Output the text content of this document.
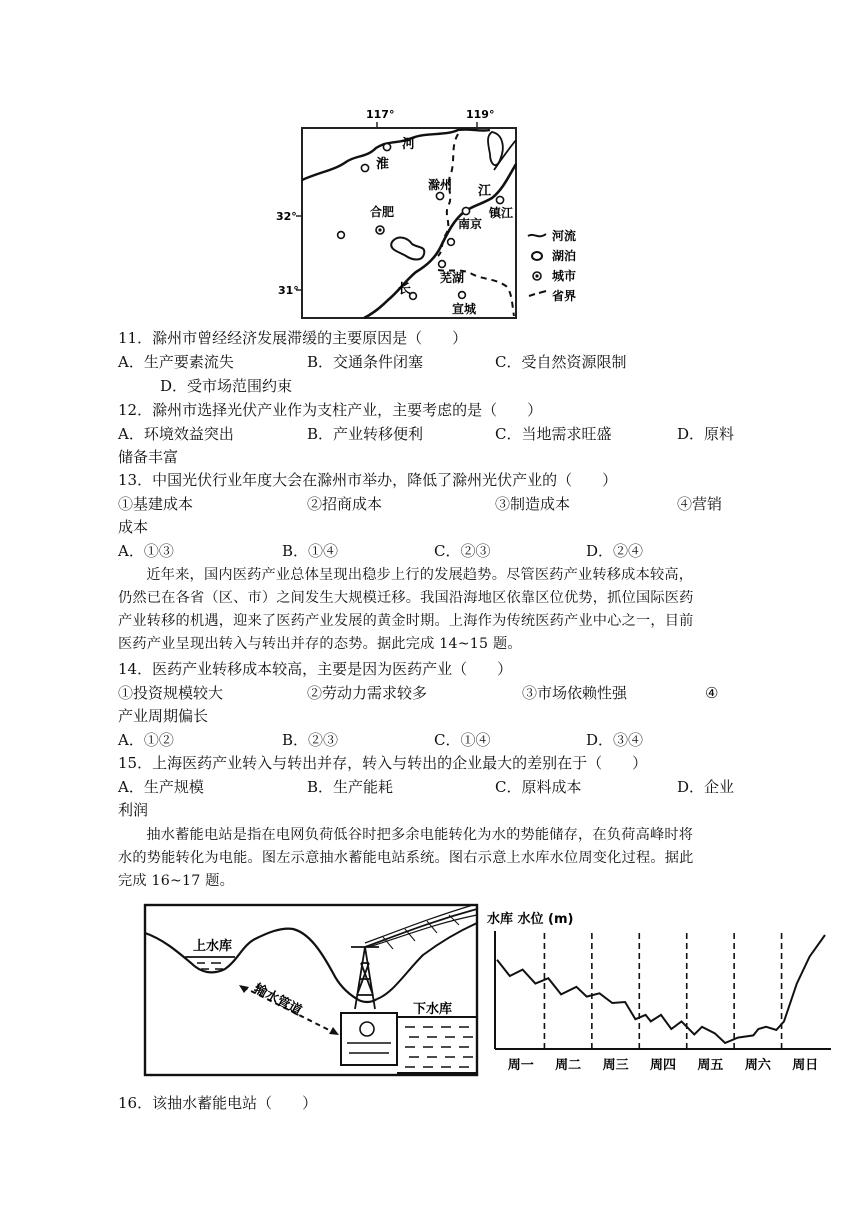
117°	119°
32°
31°
河
淮
滁州 江
镇江
合肥
南京
芜湖
长
宣城
河流
湖泊
城市
省界
11．滁州市曾经经济发展滞缓的主要原因是（　　）
A．生产要素流失	B．交通条件闭塞	C．受自然资源限制
D．受市场范围约束
12．滁州市选择光伏产业作为支柱产业，主要考虑的是（　　）
A．环境效益突出	B．产业转移便利	C．当地需求旺盛	D．原料
储备丰富
13．中国光伏行业年度大会在滁州市举办，降低了滁州光伏产业的（　　）
①基建成本	②招商成本	③制造成本	④营销
成本
A．①③	B．①④	C．②③	D．②④
近年来，国内医药产业总体呈现出稳步上行的发展趋势。尽管医药产业转移成本较高，
仍然已在各省（区、市）之间发生大规模迁移。我国沿海地区依靠区位优势，抓位国际医药
产业转移的机遇，迎来了医药产业发展的黄金时期。上海作为传统医药产业中心之一，目前
医药产业呈现出转入与转出并存的态势。据此完成 14~15 题。
14．医药产业转移成本较高，主要是因为医药产业（　　）
①投资规模较大	②劳动力需求较多	③市场依赖性强	④
产业周期偏长
A．①②	B．②③	C．①④	D．③④
15．上海医药产业转入与转出并存，转入与转出的企业最大的差别在于（　　）
A．生产规模	B．生产能耗	C．原料成本	D．企业
利润
抽水蓄能电站是指在电网负荷低谷时把多余电能转化为水的势能储存，在负荷高峰时将
水的势能转化为电能。图左示意抽水蓄能电站系统。图右示意上水库水位周变化过程。据此
完成 16~17 题。
上水库
输水管道	下水库
水库 水位 (m)
周一 周二 周三 周四 周五 周六 周日
16．该抽水蓄能电站（　　）
